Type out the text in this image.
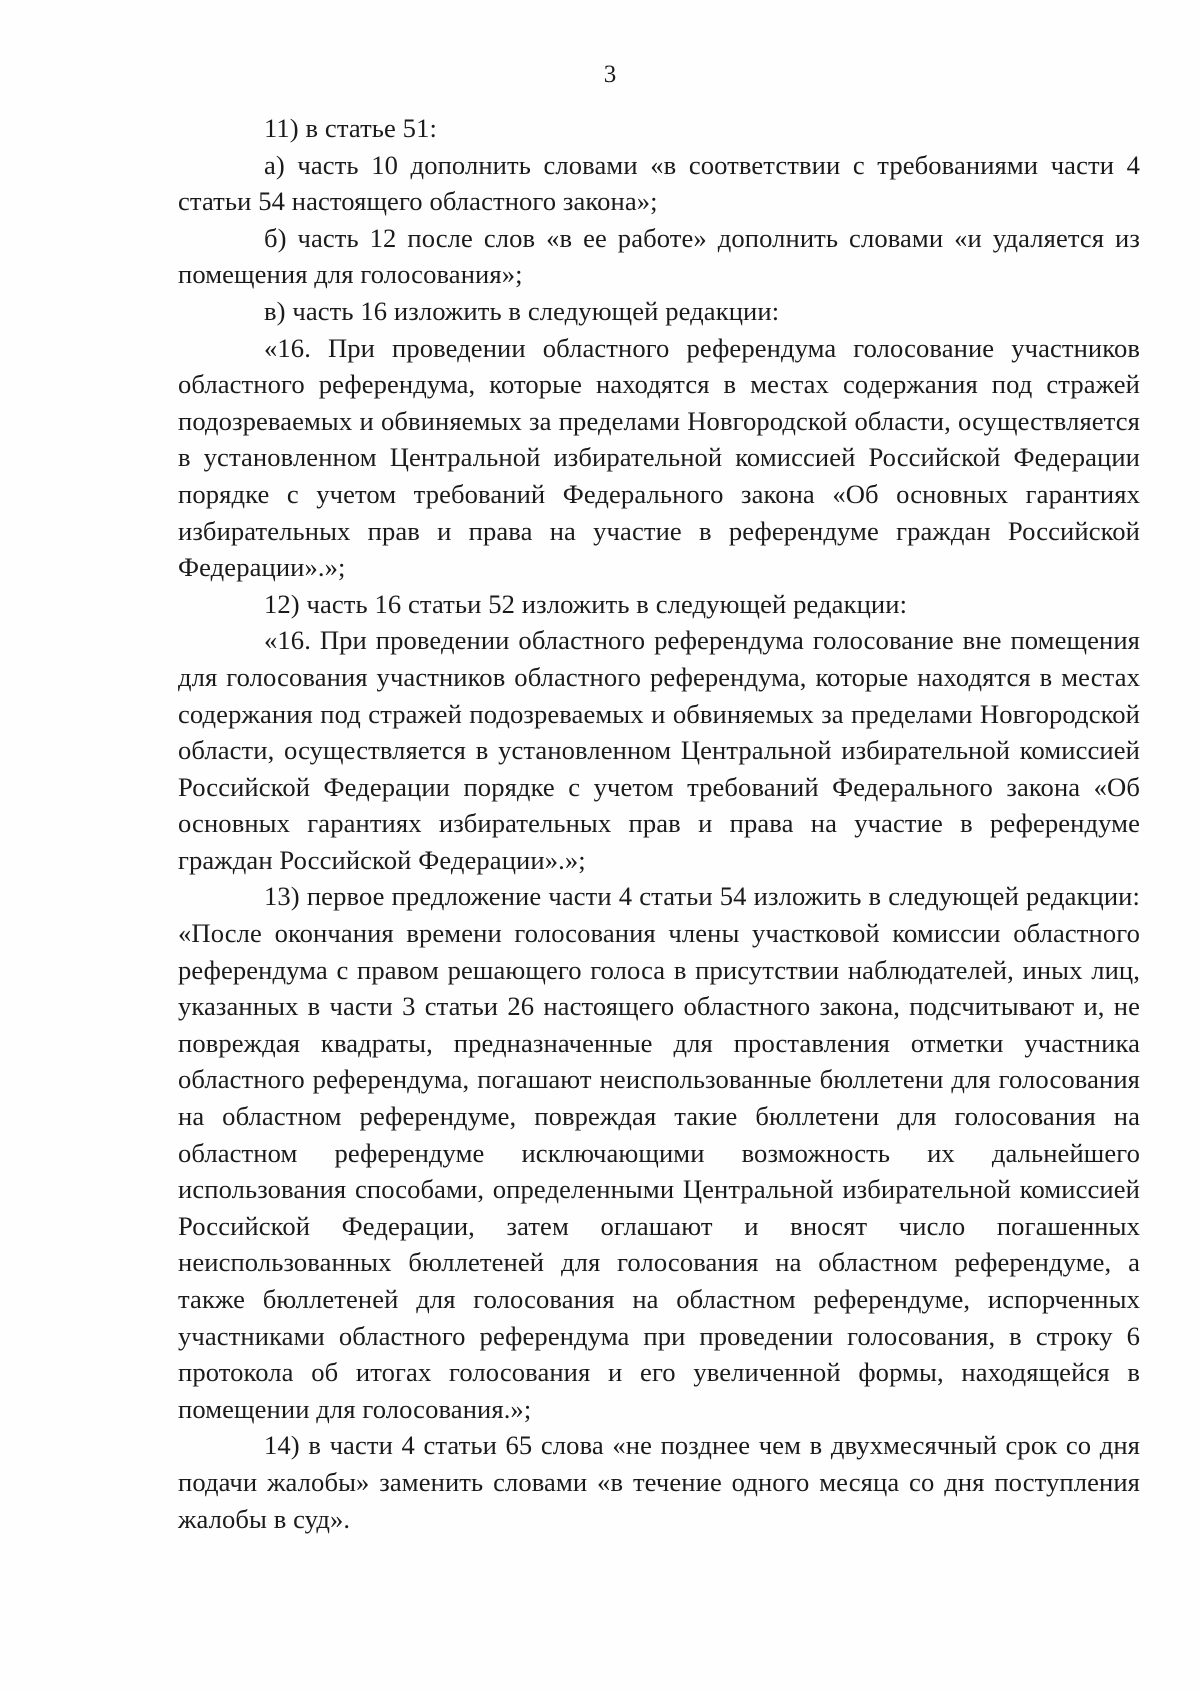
3

11) в статье 51:

а) часть 10 дополнить словами «в соответствии с требованиями части 4 статьи 54 настоящего областного закона»;

б) часть 12 после слов «в ее работе» дополнить словами «и удаляется из помещения для голосования»;

в) часть 16 изложить в следующей редакции:

«16. При проведении областного референдума голосование участников областного референдума, которые находятся в местах содержания под стражей подозреваемых и обвиняемых за пределами Новгородской области, осуществляется в установленном Центральной избирательной комиссией Российской Федерации порядке с учетом требований Федерального закона «Об основных гарантиях избирательных прав и права на участие в референдуме граждан Российской Федерации».»;

12) часть 16 статьи 52 изложить в следующей редакции:

«16. При проведении областного референдума голосование вне помещения для голосования участников областного референдума, которые находятся в местах содержания под стражей подозреваемых и обвиняемых за пределами Новгородской области, осуществляется в установленном Центральной избирательной комиссией Российской Федерации порядке с учетом требований Федерального закона «Об основных гарантиях избирательных прав и права на участие в референдуме граждан Российской Федерации».»;

13) первое предложение части 4 статьи 54 изложить в следующей редакции: «После окончания времени голосования члены участковой комиссии областного референдума с правом решающего голоса в присутствии наблюдателей, иных лиц, указанных в части 3 статьи 26 настоящего областного закона, подсчитывают и, не повреждая квадраты, предназначенные для проставления отметки участника областного референдума, погашают неиспользованные бюллетени для голосования на областном референдуме, повреждая такие бюллетени для голосования на областном референдуме исключающими возможность их дальнейшего использования способами, определенными Центральной избирательной комиссией Российской Федерации, затем оглашают и вносят число погашенных неиспользованных бюллетеней для голосования на областном референдуме, а также бюллетеней для голосования на областном референдуме, испорченных участниками областного референдума при проведении голосования, в строку 6 протокола об итогах голосования и его увеличенной формы, находящейся в помещении для голосования.»;

14) в части 4 статьи 65 слова «не позднее чем в двухмесячный срок со дня подачи жалобы» заменить словами «в течение одного месяца со дня поступления жалобы в суд».
